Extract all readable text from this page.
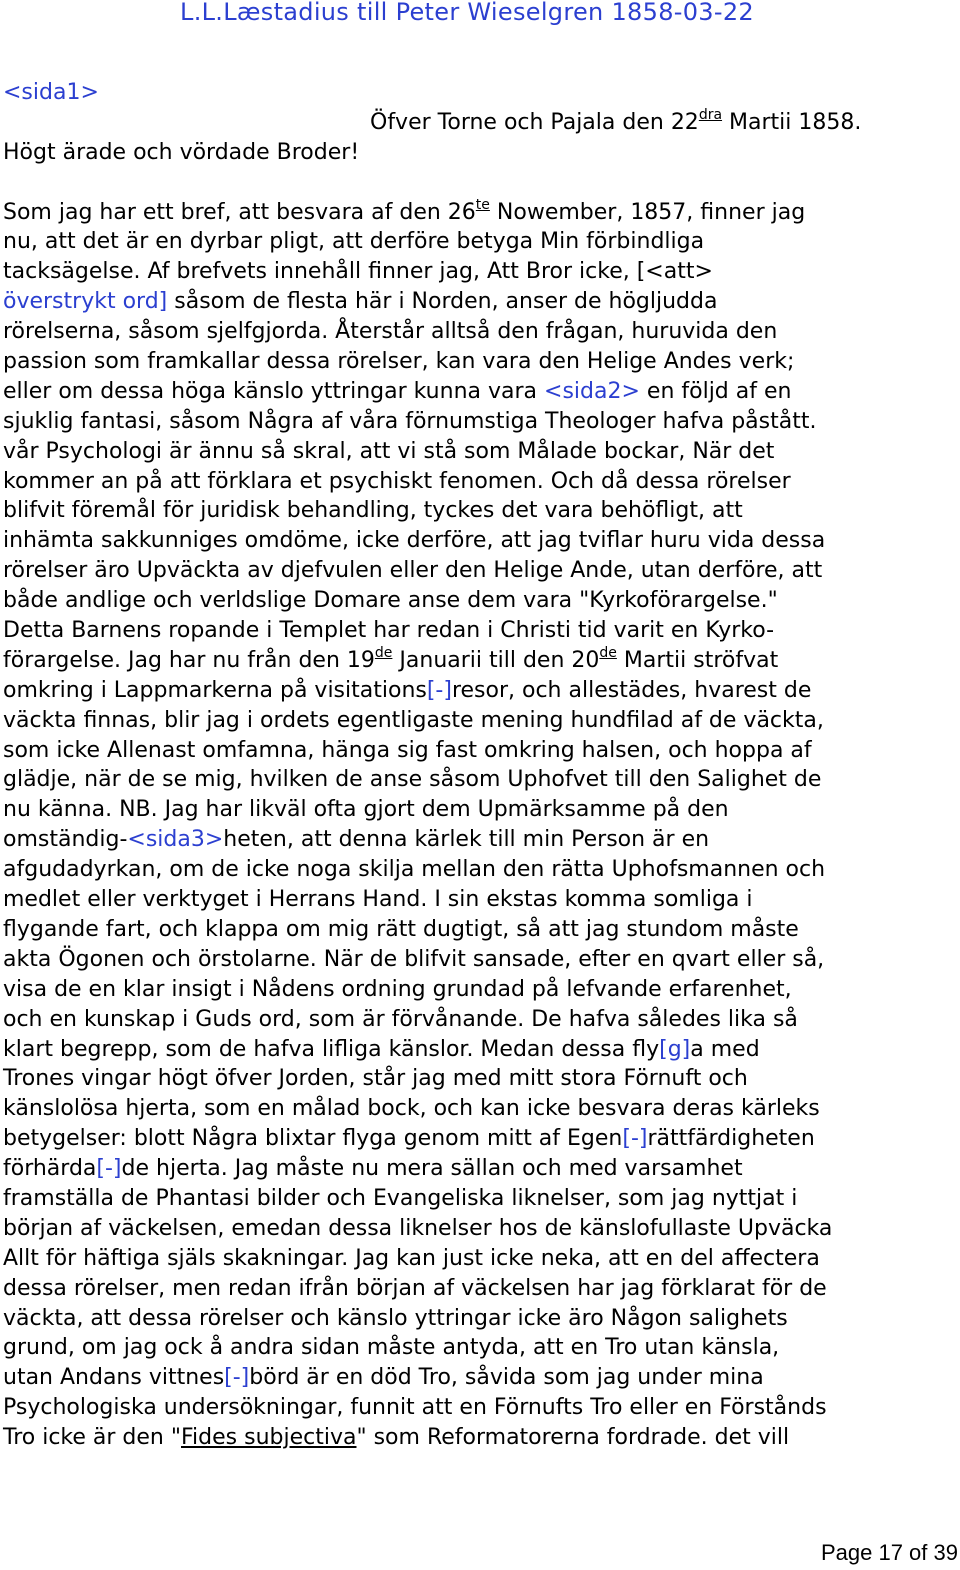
L.L.Læstadius till Peter Wieselgren 1858-03-22
<sida1>
Öfver Torne och Pajala den $22^{dra}$ Martii 1858.
Högt ärade och vördade Broder!
Som jag har ett bref, att besvara af den $26^{te}$ Nowember, 1857, finner jag
nu, att det är en dyrbar pligt, att derföre betyga Min förbindliga
tacksägelse. Af brefvets innehåll finner jag, Att Bror icke, [<att>
överstrykt ord] såsom de flesta här i Norden, anser de högljudda
rörelserna, såsom sjelfgjorda. Återstår alltså den frågan, huruvida den
passion som framkallar dessa rörelser, kan vara den Helige Andes verk;
eller om dessa höga känslo yttringar kunna vara <sida2> en följd af en
sjuklig fantasi, såsom Några af våra förnumstiga Theologer hafva påstått.
vår Psychologi är ännu så skral, att vi stå som Målade bockar, När det
kommer an på att förklara et psychiskt fenomen. Och då dessa rörelser
blifvit föremål för juridisk behandling, tyckes det vara behöfligt, att
inhämta sakkunniges omdöme, icke derföre, att jag tviflar huru vida dessa
rörelser äro Upväckta av djefvulen eller den Helige Ande, utan derföre, att
både andlige och verldslige Domare anse dem vara "Kyrkoförargelse."
Detta Barnens ropande i Templet har redan i Christi tid varit en Kyrko-
förargelse. Jag har nu från den 19de Januarii till den 20de Martii ströfvat
omkring i Lappmarkerna på visitations[-]resor, och allestädes, hvarest de
väckta finnas, blir jag i ordets egentligaste mening hundfilad af de väckta,
som icke Allenast omfamna, hänga sig fast omkring halsen, och hoppa af
glädje, när de se mig, hvilken de anse såsom Uphofvet till den Salighet de
nu känna. NB. Jag har likväl ofta gjort dem Upmärksamme på den
omständig-<sida3>heten, att denna kärlek till min Person är en
afgudadyrkan, om de icke noga skilja mellan den rätta Uphofsmannen och
medlet eller verktyget i Herrans Hand. I sin ekstas komma somliga i
flygande fart, och klappa om mig rätt dugtigt, så att jag stundom måste
akta Ögonen och örstolarne. När de blifvit sansade, efter en qvart eller så,
visa de en klar insigt i Nådens ordning grundad på lefvande erfarenhet,
och en kunskap i Guds ord, som är förvånande. De hafva således lika så
klart begrepp, som de hafva lifliga känslor. Medan dessa fly[g]a med
Trones vingar högt öfver Jorden, står jag med mitt stora Förnuft och
känslolösa hjerta, som en målad bock, och kan icke besvara deras kärleks
betygelser: blott Några blixtar flyga genom mitt af Egen[-]rättfärdigheten
förhärda[-]de hjerta. Jag måste nu mera sällan och med varsamhet
framställa de Phantasi bilder och Evangeliska liknelser, som jag nyttjat i
början af väckelsen, emedan dessa liknelser hos de känslofullaste Upväcka
Allt för häftiga själs skakningar. Jag kan just icke neka, att en del affectera
dessa rörelser, men redan ifrån början af väckelsen har jag förklarat för de
väckta, att dessa rörelser och känslo yttringar icke äro Någon salighets
grund, om jag ock å andra sidan måste antyda, att en Tro utan känsla,
utan Andans vittnes[-]börd är en död Tro, såvida som jag under mina
Psychologiska undersökningar, funnit att en Förnufts Tro eller en Förstånds
Tro icke är den "Fides subjectiva" som Reformatorerna fordrade. det vill
Page 17 of 39
